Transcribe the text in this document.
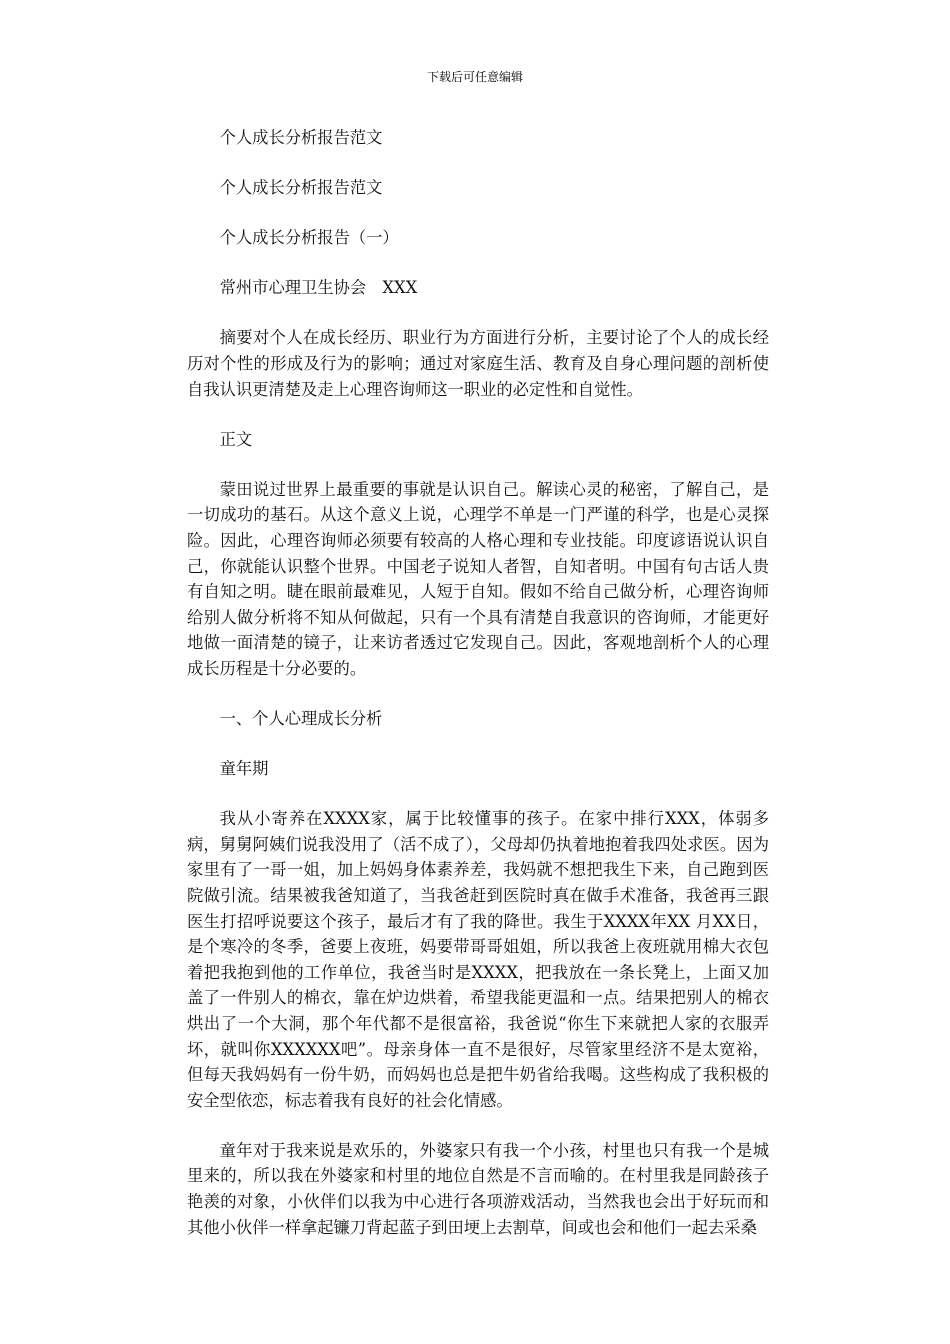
下载后可任意编辑

个人成长分析报告范文

个人成长分析报告范文

个人成长分析报告（一）

常州市心理卫生协会　XXX

摘要对个人在成长经历、职业行为方面进行分析，主要讨论了个人的成长经历对个性的形成及行为的影响；通过对家庭生活、教育及自身心理问题的剖析使自我认识更清楚及走上心理咨询师这一职业的必定性和自觉性。

正文

蒙田说过世界上最重要的事就是认识自己。解读心灵的秘密，了解自己，是一切成功的基石。从这个意义上说，心理学不单是一门严谨的科学，也是心灵探险。因此，心理咨询师必须要有较高的人格心理和专业技能。印度谚语说认识自己，你就能认识整个世界。中国老子说知人者智，自知者明。中国有句古话人贵有自知之明。睫在眼前最难见，人短于自知。假如不给自己做分析，心理咨询师给别人做分析将不知从何做起，只有一个具有清楚自我意识的咨询师，才能更好地做一面清楚的镜子，让来访者透过它发现自己。因此，客观地剖析个人的心理成长历程是十分必要的。

一、个人心理成长分析

童年期

我从小寄养在XXXX家，属于比较懂事的孩子。在家中排行XXX，体弱多病，舅舅阿姨们说我没用了（活不成了），父母却仍执着地抱着我四处求医。因为家里有了一哥一姐，加上妈妈身体素养差，我妈就不想把我生下来，自己跑到医院做引流。结果被我爸知道了，当我爸赶到医院时真在做手术准备，我爸再三跟医生打招呼说要这个孩子，最后才有了我的降世。我生于XXXX年XX 月XX日，是个寒冷的冬季，爸要上夜班，妈要带哥哥姐姐，所以我爸上夜班就用棉大衣包着把我抱到他的工作单位，我爸当时是XXXX，把我放在一条长凳上，上面又加盖了一件别人的棉衣，靠在炉边烘着，希望我能更温和一点。结果把别人的棉衣烘出了一个大洞，那个年代都不是很富裕，我爸说“你生下来就把人家的衣服弄坏，就叫你XXXXXX吧”。母亲身体一直不是很好，尽管家里经济不是太宽裕，但每天我妈妈有一份牛奶，而妈妈也总是把牛奶省给我喝。这些构成了我积极的安全型依恋，标志着我有良好的社会化情感。

童年对于我来说是欢乐的，外婆家只有我一个小孩，村里也只有我一个是城里来的，所以我在外婆家和村里的地位自然是不言而喻的。在村里我是同龄孩子艳羡的对象，小伙伴们以我为中心进行各项游戏活动，当然我也会出于好玩而和其他小伙伴一样拿起镰刀背起蓝子到田埂上去割草，间或也会和他们一起去采桑
